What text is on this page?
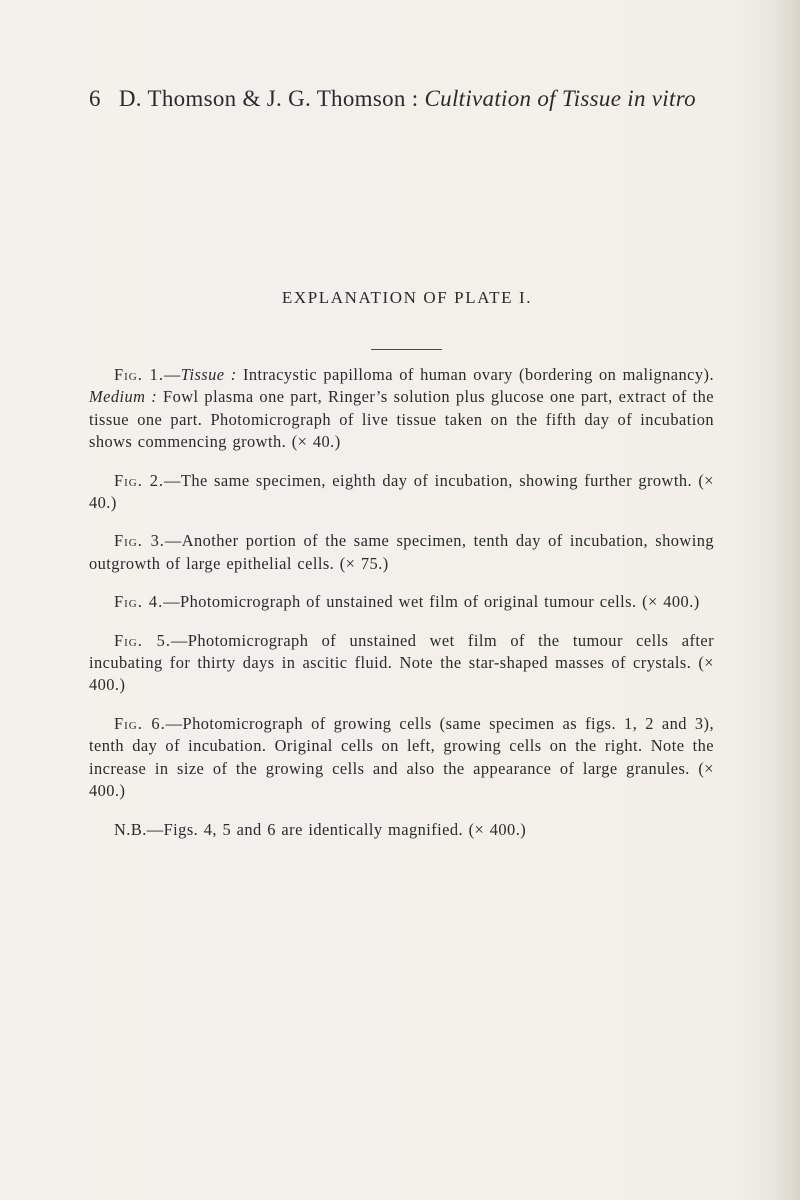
6 D. Thomson & J. G. Thomson : Cultivation of Tissue in vitro
EXPLANATION OF PLATE I.

Fig. 1.—Tissue : Intracystic papilloma of human ovary (bordering on malignancy). Medium : Fowl plasma one part, Ringer’s solution plus glucose one part, extract of the tissue one part. Photomicrograph of live tissue taken on the fifth day of incubation shows commencing growth. (× 40.)

Fig. 2.—The same specimen, eighth day of incubation, showing further growth. (× 40.)

Fig. 3.—Another portion of the same specimen, tenth day of incubation, showing outgrowth of large epithelial cells. (× 75.)

Fig. 4.—Photomicrograph of unstained wet film of original tumour cells. (× 400.)

Fig. 5.—Photomicrograph of unstained wet film of the tumour cells after incubating for thirty days in ascitic fluid. Note the star-shaped masses of crystals. (× 400.)

Fig. 6.—Photomicrograph of growing cells (same specimen as figs. 1, 2 and 3), tenth day of incubation. Original cells on left, growing cells on the right. Note the increase in size of the growing cells and also the appearance of large granules. (× 400.)

N.B.—Figs. 4, 5 and 6 are identically magnified. (× 400.)
